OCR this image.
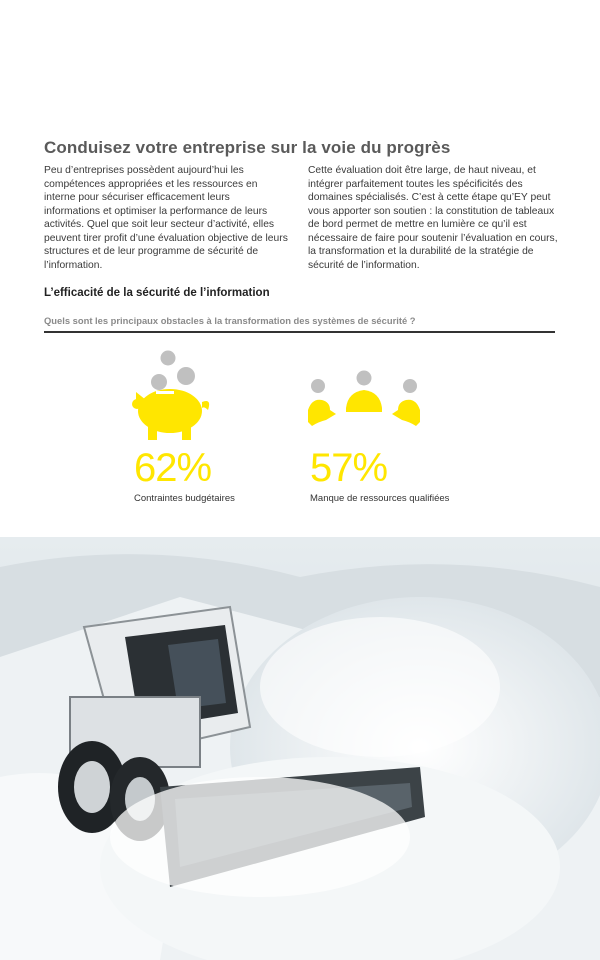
Conduisez votre entreprise sur la voie du progrès

Peu d’entreprises possèdent aujourd’hui les compétences appropriées et les ressources en interne pour sécuriser efficacement leurs informations et optimiser la performance de leurs activités. Quel que soit leur secteur d’activité, elles peuvent tirer profit d’une évaluation objective de leurs structures et de leur programme de sécurité de l’information.

Cette évaluation doit être large, de haut niveau, et intégrer parfaitement toutes les spécificités des domaines spécialisés. C’est à cette étape qu’EY peut vous apporter son soutien : la constitution de tableaux de bord permet de mettre en lumière ce qu’il est nécessaire de faire pour soutenir l’évaluation en cours, la transformation et la durabilité de la stratégie de sécurité de l’information.

L’efficacité de la sécurité de l’information

Quels sont les principaux obstacles à la transformation des systèmes de sécurité ?

62%
Contraintes budgétaires
57%
Manque de ressources qualifiées
